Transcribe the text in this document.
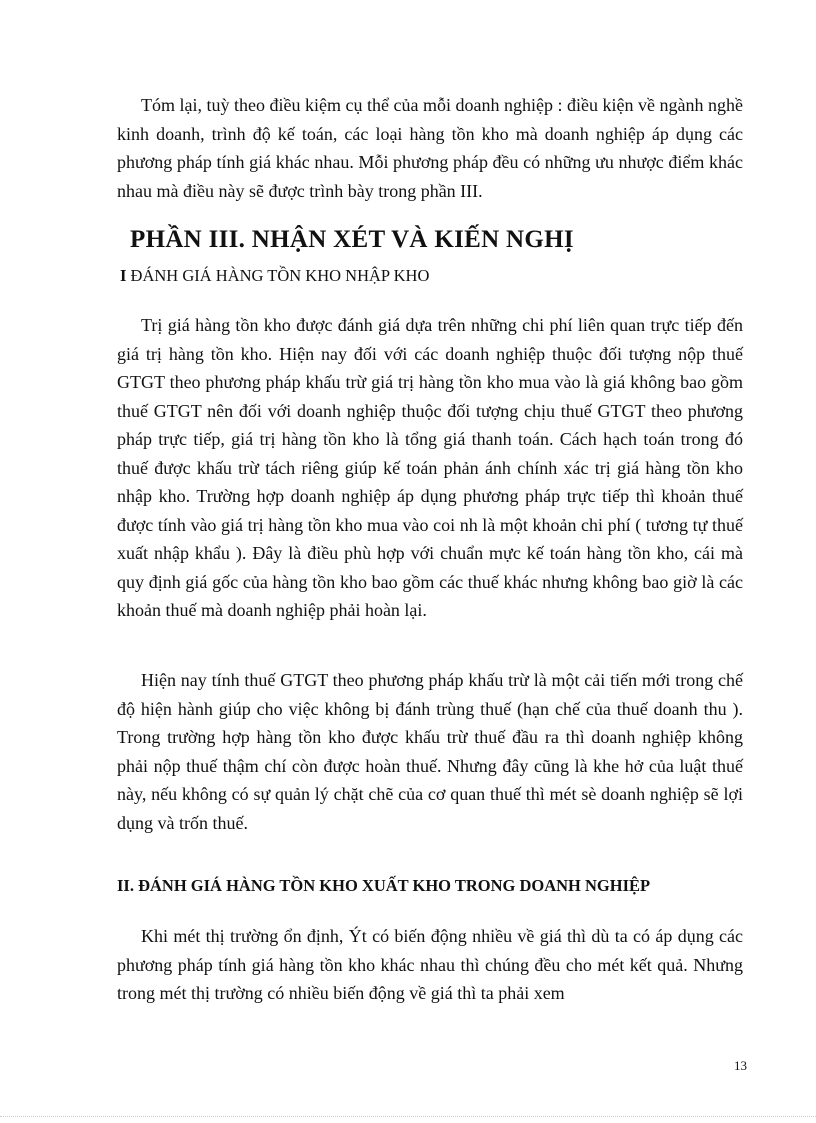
Tóm lại, tuỳ theo điều kiệm cụ thể của mỗi doanh nghiệp : điều kiện về ngành nghề kinh doanh, trình độ kế toán, các loại hàng tồn kho mà doanh nghiệp áp dụng các phương pháp tính giá khác nhau. Mỗi phương pháp đều có những ưu nhược điểm khác nhau mà điều này sẽ được trình bày trong phần III.

PHẦN III. NHẬN XÉT VÀ KIẾN NGHỊ
I ĐÁNH GIÁ HÀNG TỒN KHO NHẬP KHO

Trị giá hàng tồn kho được đánh giá dựa trên những chi phí liên quan trực tiếp đến giá trị hàng tồn kho. Hiện nay đối với các doanh nghiệp thuộc đối tượng nộp thuế GTGT theo phương pháp khấu trừ giá trị hàng tồn kho mua vào là giá không bao gồm thuế GTGT nên đối với doanh nghiệp thuộc đối tượng chịu thuế GTGT theo phương pháp trực tiếp, giá trị hàng tồn kho là tổng giá thanh toán. Cách hạch toán trong đó thuế được khấu trừ tách riêng giúp kế toán phản ánh chính xác trị giá hàng tồn kho nhập kho. Trường hợp doanh nghiệp áp dụng phương pháp trực tiếp thì khoản thuế được tính vào giá trị hàng tồn kho mua vào coi nh là một khoản chi phí ( tương tự thuế xuất nhập khẩu ). Đây là điều phù hợp với chuẩn mực kế toán hàng tồn kho, cái mà quy định giá gốc của hàng tồn kho bao gồm các thuế khác nhưng không bao giờ là các khoản thuế mà doanh nghiệp phải hoàn lại.

Hiện nay tính thuế GTGT theo phương pháp khấu trừ là một cải tiến mới trong chế độ hiện hành giúp cho việc không bị đánh trùng thuế (hạn chế của thuế doanh thu ). Trong trường hợp hàng tồn kho được khấu trừ thuế đầu ra thì doanh nghiệp không phải nộp thuế thậm chí còn được hoàn thuế. Nhưng đây cũng là khe hở của luật thuế này, nếu không có sự quản lý chặt chẽ của cơ quan thuế thì mét sè doanh nghiệp sẽ lợi dụng và trốn thuế.

II. ĐÁNH GIÁ HÀNG TỒN KHO XUẤT KHO TRONG DOANH NGHIỆP

Khi mét thị trường ổn định, Ýt có biến động nhiều về giá thì dù ta có áp dụng các phương pháp tính giá hàng tồn kho khác nhau thì chúng đều cho mét kết quả. Nhưng trong mét thị trường có nhiều biến động về giá thì ta phải xem

13
